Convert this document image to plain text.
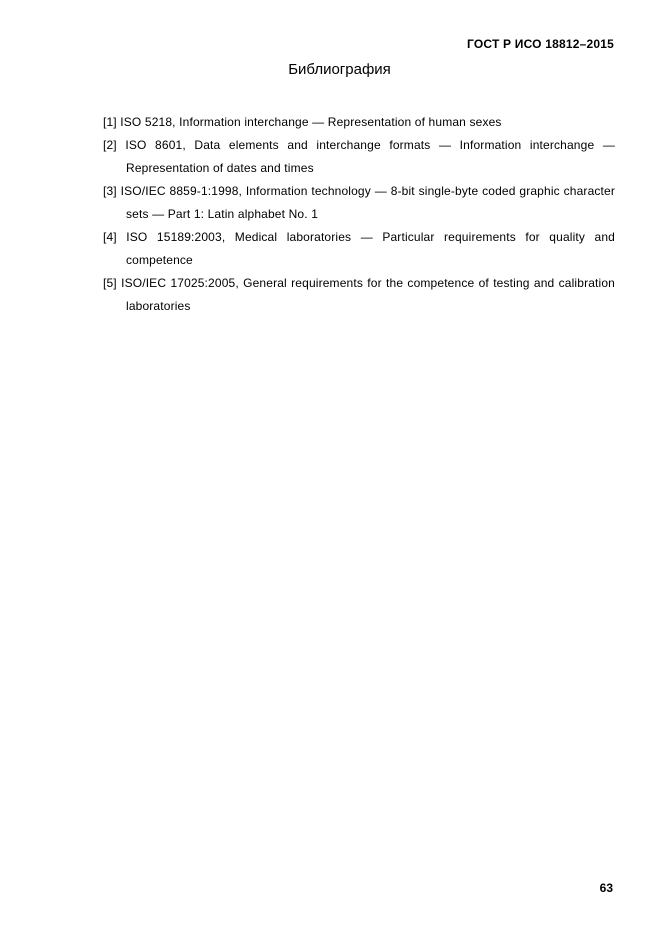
ГОСТ Р ИСО 18812–2015
Библиография
[1] ISO 5218, Information interchange — Representation of human sexes
[2] ISO 8601, Data elements and interchange formats — Information interchange — Representation of dates and times
[3] ISO/IEC 8859-1:1998, Information technology — 8-bit single-byte coded graphic character sets — Part 1: Latin alphabet No. 1
[4] ISO 15189:2003, Medical laboratories — Particular requirements for quality and competence
[5] ISO/IEC 17025:2005, General requirements for the competence of testing and calibration laboratories
63
